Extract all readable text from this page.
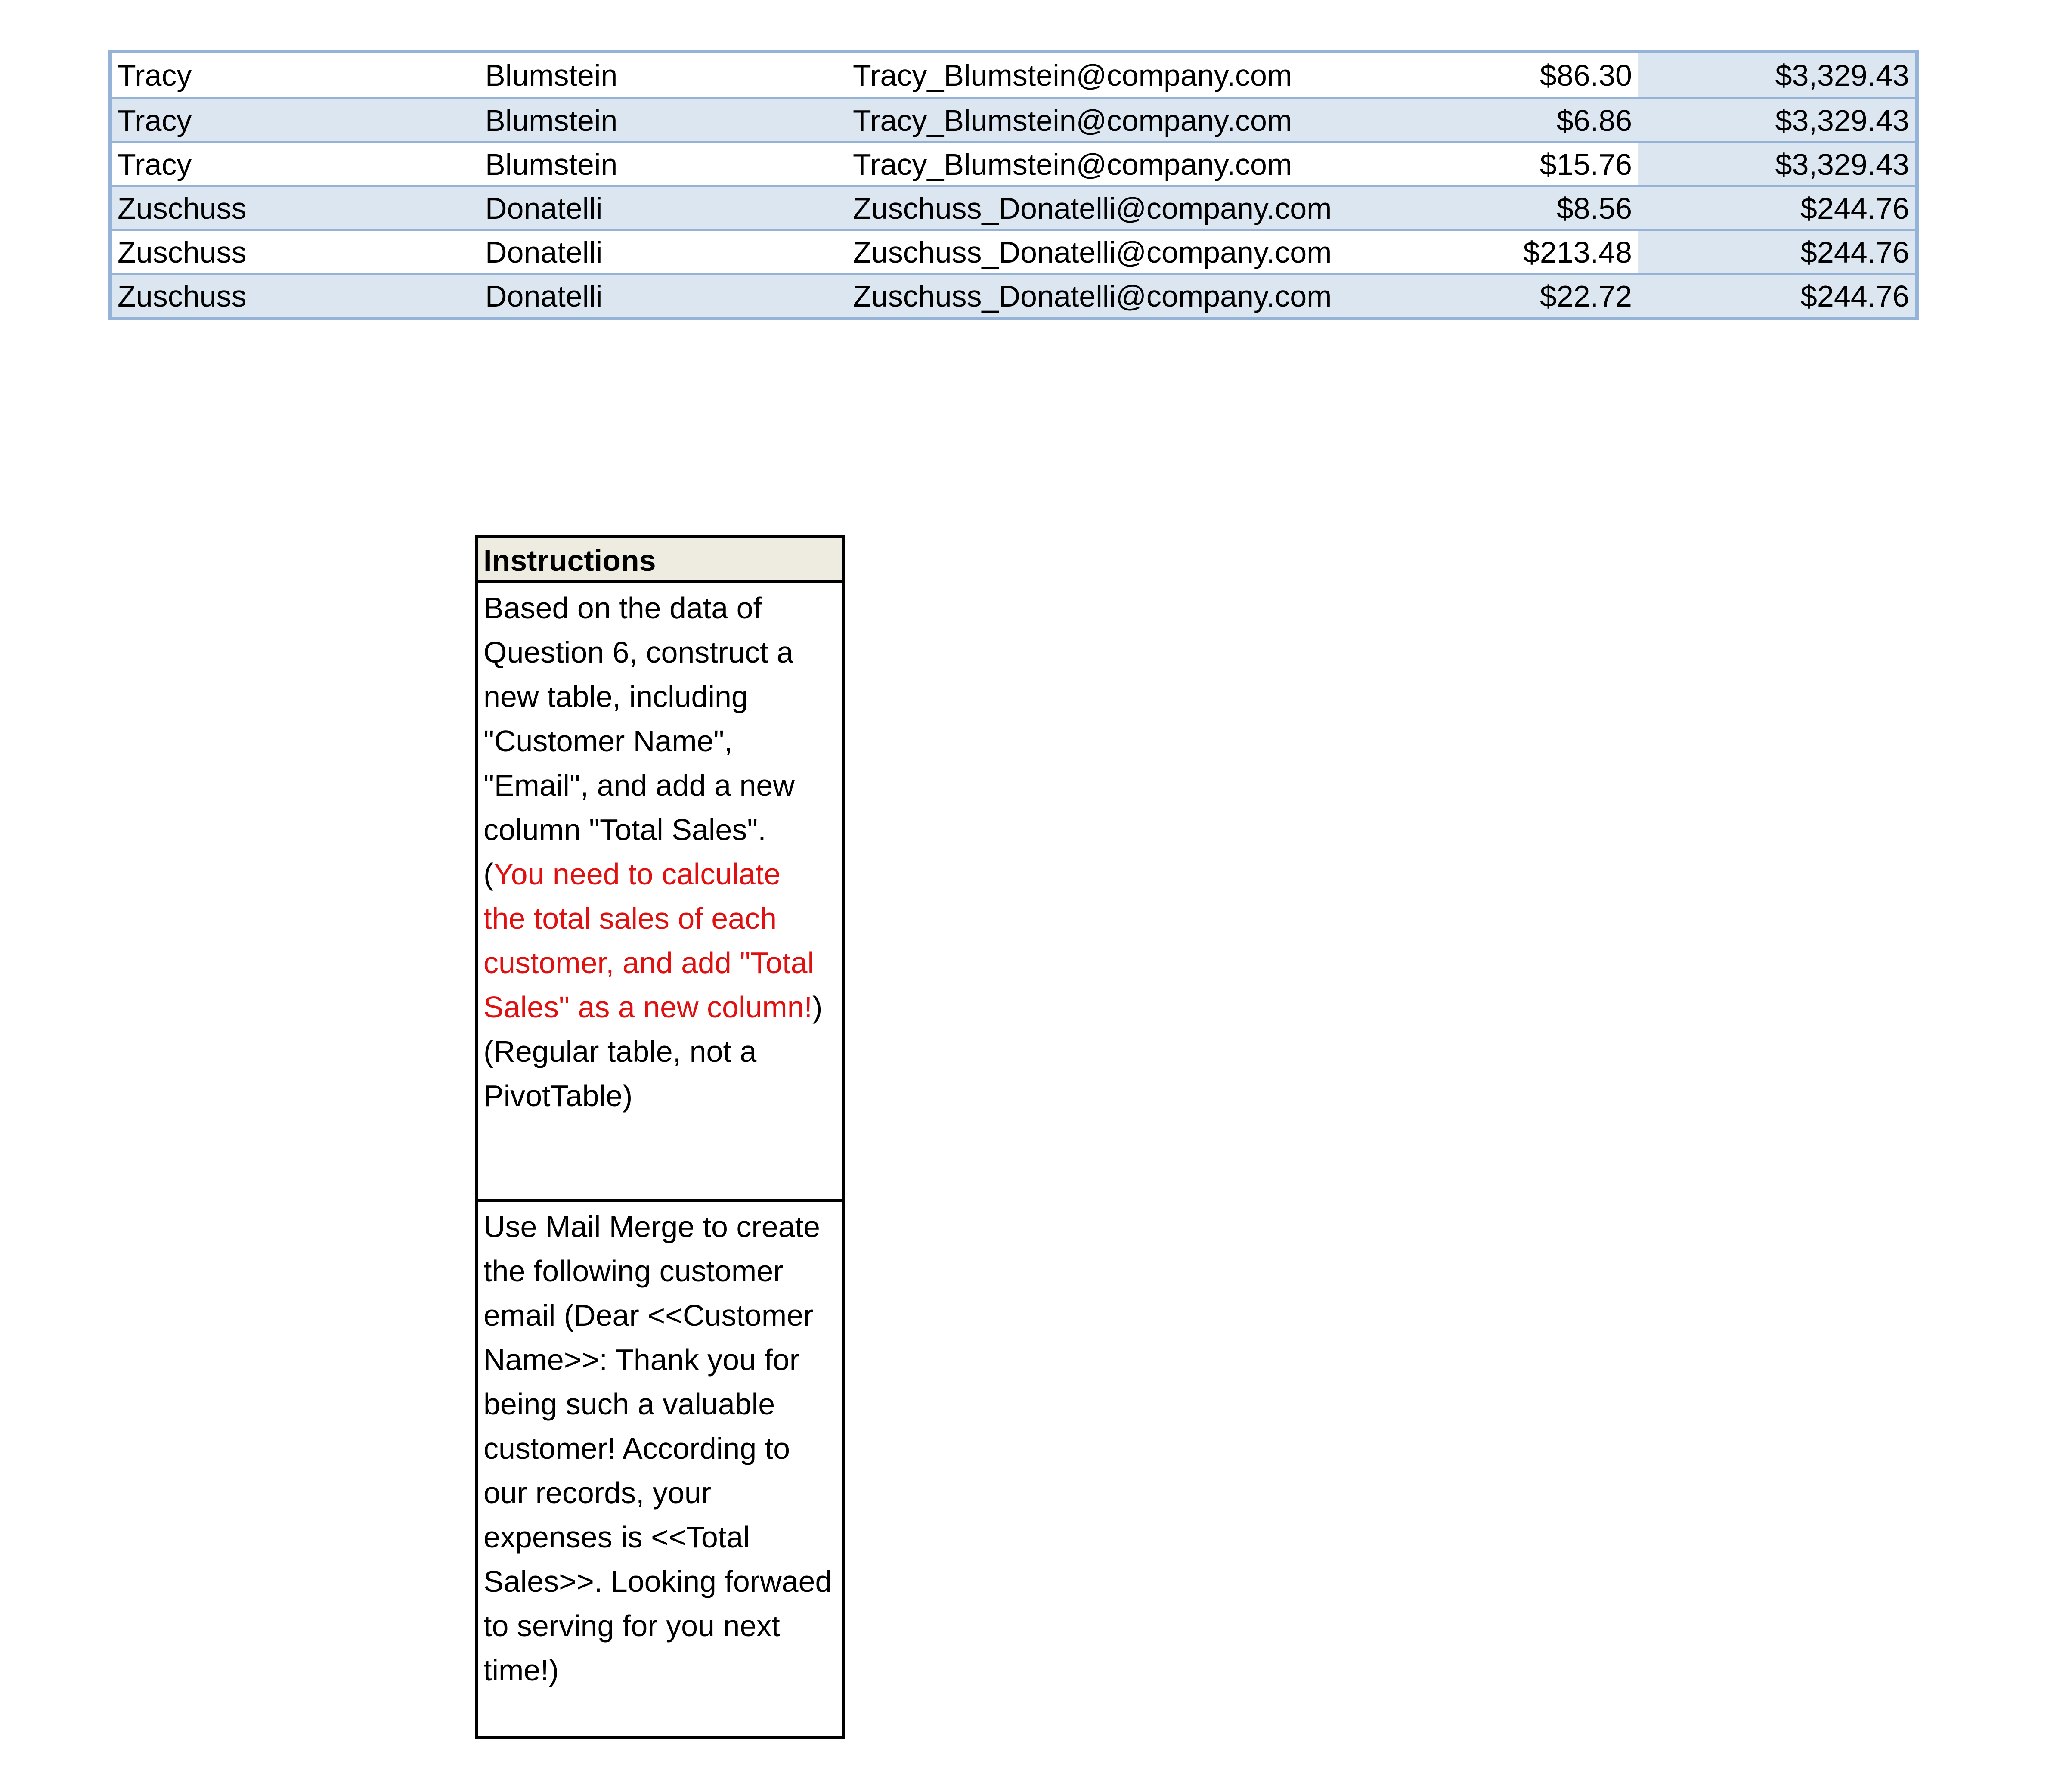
Tracy	Blumstein	Tracy_Blumstein@company.com	$86.30	$3,329.43
Tracy	Blumstein	Tracy_Blumstein@company.com	$6.86	$3,329.43
Tracy	Blumstein	Tracy_Blumstein@company.com	$15.76	$3,329.43
Zuschuss	Donatelli	Zuschuss_Donatelli@company.com	$8.56	$244.76
Zuschuss	Donatelli	Zuschuss_Donatelli@company.com	$213.48	$244.76
Zuschuss	Donatelli	Zuschuss_Donatelli@company.com	$22.72	$244.76
Instructions

Based on the data of

Question 6, construct a

new table, including

"Customer Name",

"Email", and add a new

column "Total Sales".

(You need to calculate

the total sales of each

customer, and add "Total

Sales" as a new column!)

(Regular table, not a

PivotTable)

Use Mail Merge to create

the following customer

email (Dear <<Customer

Name>>: Thank you for

being such a valuable

customer! According to

our records, your

expenses is <<Total

Sales>>. Looking forwaed

to serving for you next

time!)
